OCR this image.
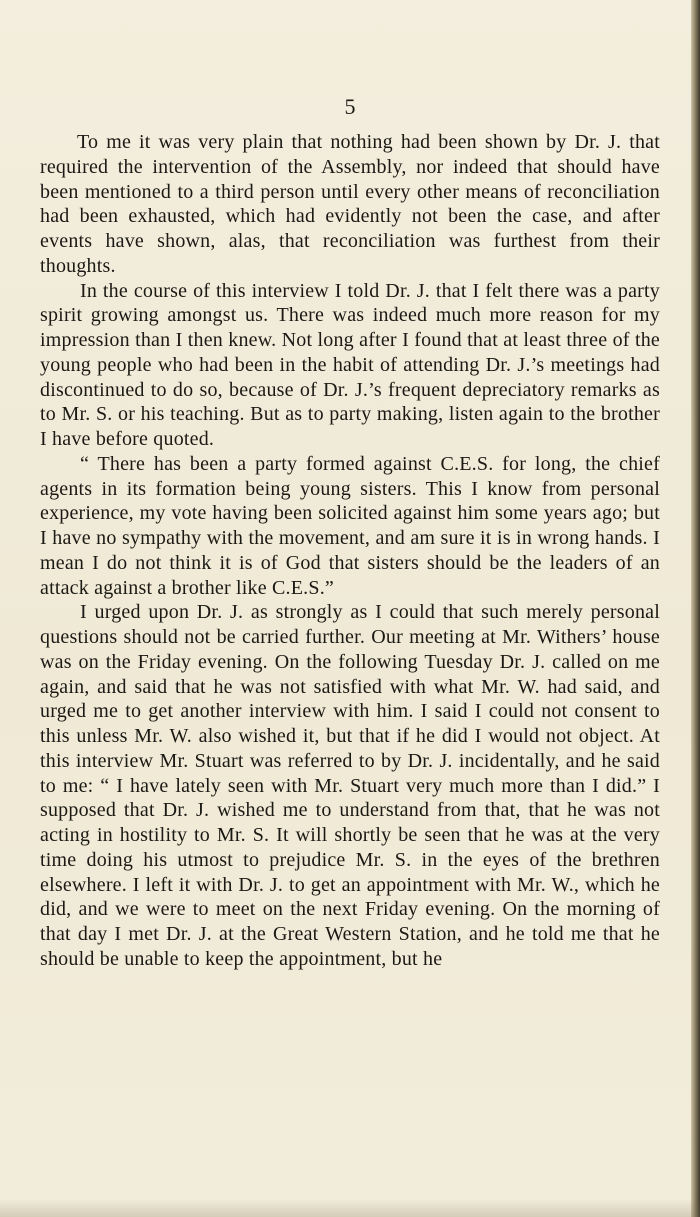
5

To me it was very plain that nothing had been shown by Dr. J. that required the intervention of the Assembly, nor indeed that should have been mentioned to a third person until every other means of reconciliation had been exhausted, which had evidently not been the case, and after events have shown, alas, that reconciliation was furthest from their thoughts.

In the course of this interview I told Dr. J. that I felt there was a party spirit growing amongst us. There was indeed much more reason for my impression than I then knew. Not long after I found that at least three of the young people who had been in the habit of attending Dr. J.’s meetings had discontinued to do so, because of Dr. J.’s frequent depreciatory remarks as to Mr. S. or his teaching. But as to party making, listen again to the brother I have before quoted.

“ There has been a party formed against C.E.S. for long, the chief agents in its formation being young sisters. This I know from personal experience, my vote having been solicited against him some years ago; but I have no sympathy with the movement, and am sure it is in wrong hands. I mean I do not think it is of God that sisters should be the leaders of an attack against a brother like C.E.S.”

I urged upon Dr. J. as strongly as I could that such merely personal questions should not be carried further. Our meeting at Mr. Withers’ house was on the Friday evening. On the following Tuesday Dr. J. called on me again, and said that he was not satisfied with what Mr. W. had said, and urged me to get another interview with him. I said I could not consent to this unless Mr. W. also wished it, but that if he did I would not object. At this interview Mr. Stuart was referred to by Dr. J. incidentally, and he said to me: “ I have lately seen with Mr. Stuart very much more than I did.” I supposed that Dr. J. wished me to understand from that, that he was not acting in hostility to Mr. S. It will shortly be seen that he was at the very time doing his utmost to prejudice Mr. S. in the eyes of the brethren elsewhere. I left it with Dr. J. to get an appointment with Mr. W., which he did, and we were to meet on the next Friday evening. On the morning of that day I met Dr. J. at the Great Western Station, and he told me that he should be unable to keep the appointment, but he
